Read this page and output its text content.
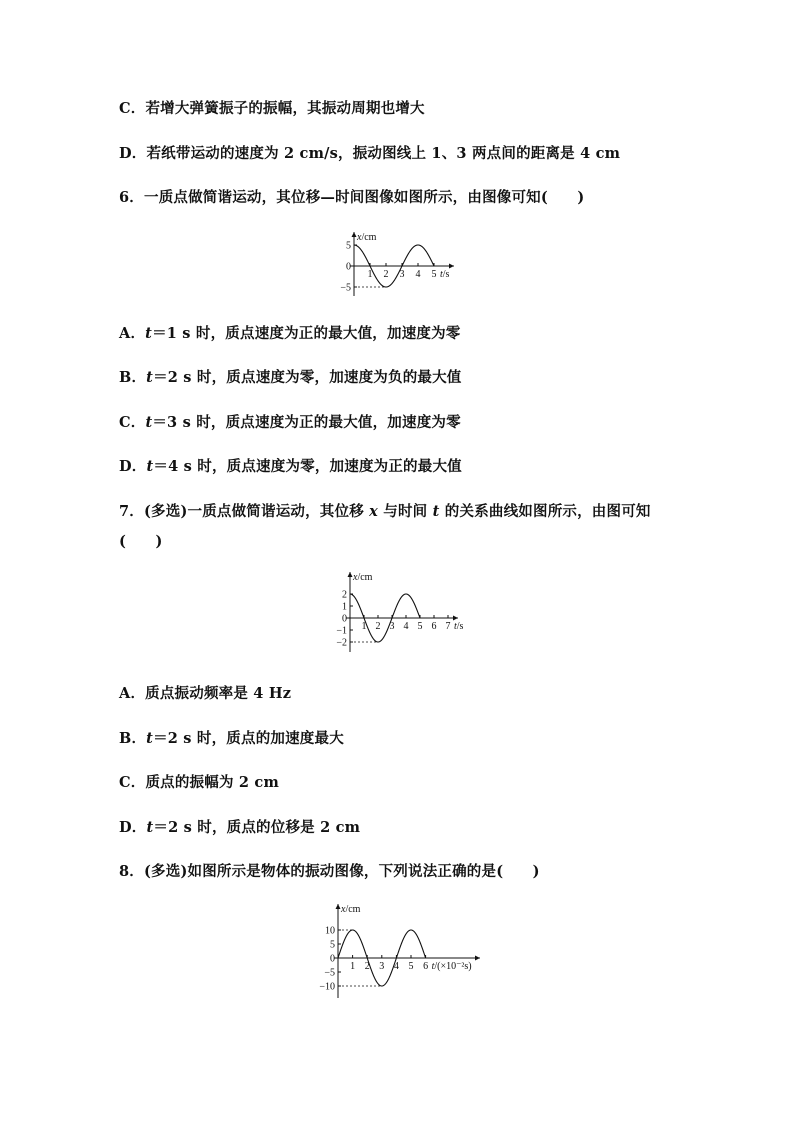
C．若增大弹簧振子的振幅，其振动周期也增大
D．若纸带运动的速度为 2 cm/s，振动图线上 1、3 两点间的距离是 4 cm
6．一质点做简谐运动，其位移—时间图像如图所示，由图像可知(　　)
x/cm
5
0
−5
1 2 3 4 5 t/s
A．t＝1 s 时，质点速度为正的最大值，加速度为零
B．t＝2 s 时，质点速度为零，加速度为负的最大值
C．t＝3 s 时，质点速度为正的最大值，加速度为零
D．t＝4 s 时，质点速度为零，加速度为正的最大值
7．(多选)一质点做简谐运动，其位移 x 与时间 t 的关系曲线如图所示，由图可知
(　　)
x/cm
2
1
0
−1
−2
1 2 3 4 5 6 7 t/s
A．质点振动频率是 4 Hz
B．t＝2 s 时，质点的加速度最大
C．质点的振幅为 2 cm
D．t＝2 s 时，质点的位移是 2 cm
8．(多选)如图所示是物体的振动图像，下列说法正确的是(　　)
x/cm
10
5
0
−5
−10
1 2 3 4 5 6 t/(×10⁻²s)
